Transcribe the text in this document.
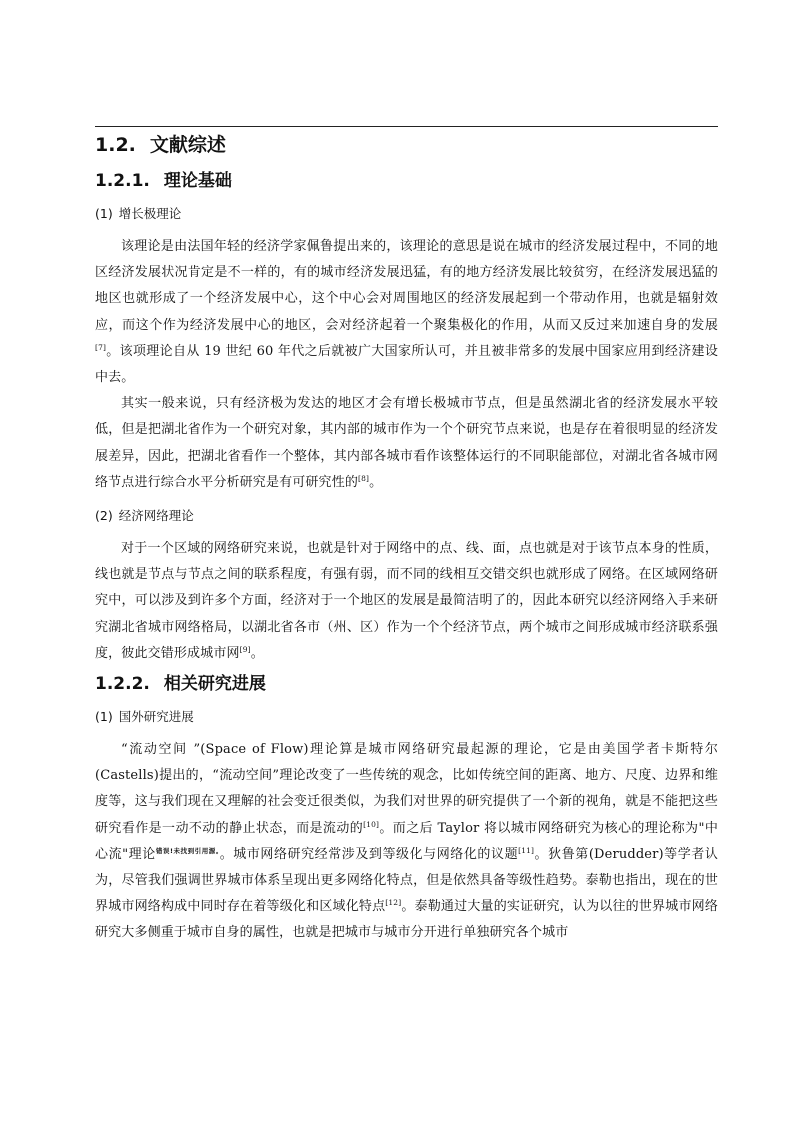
1.2. 文献综述
1.2.1. 理论基础
(1) 增长极理论

该理论是由法国年轻的经济学家佩鲁提出来的，该理论的意思是说在城市的经济发展过程中，不同的地区经济发展状况肯定是不一样的，有的城市经济发展迅猛，有的地方经济发展比较贫穷，在经济发展迅猛的地区也就形成了一个经济发展中心，这个中心会对周围地区的经济发展起到一个带动作用，也就是辐射效应，而这个作为经济发展中心的地区，会对经济起着一个聚集极化的作用，从而又反过来加速自身的发展[7]。该项理论自从 19 世纪 60 年代之后就被广大国家所认可，并且被非常多的发展中国家应用到经济建设中去。

其实一般来说，只有经济极为发达的地区才会有增长极城市节点，但是虽然湖北省的经济发展水平较低，但是把湖北省作为一个研究对象，其内部的城市作为一个个研究节点来说，也是存在着很明显的经济发展差异，因此，把湖北省看作一个整体，其内部各城市看作该整体运行的不同职能部位，对湖北省各城市网络节点进行综合水平分析研究是有可研究性的[8]。

(2) 经济网络理论

对于一个区域的网络研究来说，也就是针对于网络中的点、线、面，点也就是对于该节点本身的性质，线也就是节点与节点之间的联系程度，有强有弱，而不同的线相互交错交织也就形成了网络。在区域网络研究中，可以涉及到许多个方面，经济对于一个地区的发展是最简洁明了的，因此本研究以经济网络入手来研究湖北省城市网络格局，以湖北省各市（州、区）作为一个个经济节点，两个城市之间形成城市经济联系强度，彼此交错形成城市网[9]。

1.2.2. 相关研究进展
(1) 国外研究进展

“流动空间 ”(Space of Flow)理论算是城市网络研究最起源的理论，它是由美国学者卡斯特尔(Castells)提出的，“流动空间”理论改变了一些传统的观念，比如传统空间的距离、地方、尺度、边界和维度等，这与我们现在又理解的社会变迁很类似，为我们对世界的研究提供了一个新的视角，就是不能把这些研究看作是一动不动的静止状态，而是流动的[10]。而之后 Taylor 将以城市网络研究为核心的理论称为"中心流"理论$^{错误!未找到引用源。}$。城市网络研究经常涉及到等级化与网络化的议题[11]。狄鲁第(Derudder)等学者认为，尽管我们强调世界城市体系呈现出更多网络化特点，但是依然具备等级性趋势。泰勒也指出，现在的世界城市网络构成中同时存在着等级化和区域化特点[12]。泰勒通过大量的实证研究，认为以往的世界城市网络研究大多侧重于城市自身的属性，也就是把城市与城市分开进行单独研究各个城市
